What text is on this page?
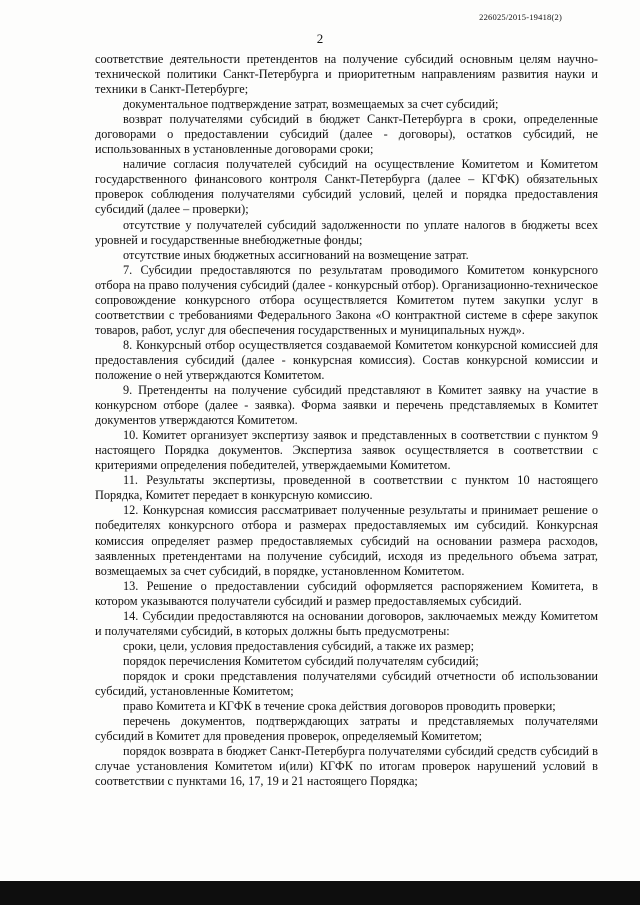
226025/2015-19418(2)
2

соответствие деятельности претендентов на получение субсидий основным целям научно-технической политики Санкт-Петербурга и приоритетным направлениям развития науки и техники в Санкт-Петербурге;

документальное подтверждение затрат, возмещаемых за счет субсидий;

возврат получателями субсидий в бюджет Санкт-Петербурга в сроки, определенные договорами о предоставлении субсидий (далее - договоры), остатков субсидий, не использованных в установленные договорами сроки;

наличие согласия получателей субсидий на осуществление Комитетом и Комитетом государственного финансового контроля Санкт-Петербурга (далее – КГФК) обязательных проверок соблюдения получателями субсидий условий, целей и порядка предоставления субсидий (далее – проверки);

отсутствие у получателей субсидий задолженности по уплате налогов в бюджеты всех уровней и государственные внебюджетные фонды;

отсутствие иных бюджетных ассигнований на возмещение затрат.

7. Субсидии предоставляются по результатам проводимого Комитетом конкурсного отбора на право получения субсидий (далее - конкурсный отбор). Организационно-техническое сопровождение конкурсного отбора осуществляется Комитетом путем закупки услуг в соответствии с требованиями Федерального Закона «О контрактной системе в сфере закупок товаров, работ, услуг для обеспечения государственных и муниципальных нужд».

8. Конкурсный отбор осуществляется создаваемой Комитетом конкурсной комиссией для предоставления субсидий (далее - конкурсная комиссия). Состав конкурсной комиссии и положение о ней утверждаются Комитетом.

9. Претенденты на получение субсидий представляют в Комитет заявку на участие в конкурсном отборе (далее - заявка). Форма заявки и перечень представляемых в Комитет документов утверждаются Комитетом.

10. Комитет организует экспертизу заявок и представленных в соответствии с пунктом 9 настоящего Порядка документов. Экспертиза заявок осуществляется в соответствии с критериями определения победителей, утверждаемыми Комитетом.

11. Результаты экспертизы, проведенной в соответствии с пунктом 10 настоящего Порядка, Комитет передает в конкурсную комиссию.

12. Конкурсная комиссия рассматривает полученные результаты и принимает решение о победителях конкурсного отбора и размерах предоставляемых им субсидий. Конкурсная комиссия определяет размер предоставляемых субсидий на основании размера расходов, заявленных претендентами на получение субсидий, исходя из предельного объема затрат, возмещаемых за счет субсидий, в порядке, установленном Комитетом.

13. Решение о предоставлении субсидий оформляется распоряжением Комитета, в котором указываются получатели субсидий и размер предоставляемых субсидий.

14. Субсидии предоставляются на основании договоров, заключаемых между Комитетом и получателями субсидий, в которых должны быть предусмотрены:

сроки, цели, условия предоставления субсидий, а также их размер;

порядок перечисления Комитетом субсидий получателям субсидий;

порядок и сроки представления получателями субсидий отчетности об использовании субсидий, установленные Комитетом;

право Комитета и КГФК в течение срока действия договоров проводить проверки;

перечень документов, подтверждающих затраты и представляемых получателями субсидий в Комитет для проведения проверок, определяемый Комитетом;

порядок возврата в бюджет Санкт-Петербурга получателями субсидий средств субсидий в случае установления Комитетом и(или) КГФК по итогам проверок нарушений условий в соответствии с пунктами 16, 17, 19 и 21 настоящего Порядка;
